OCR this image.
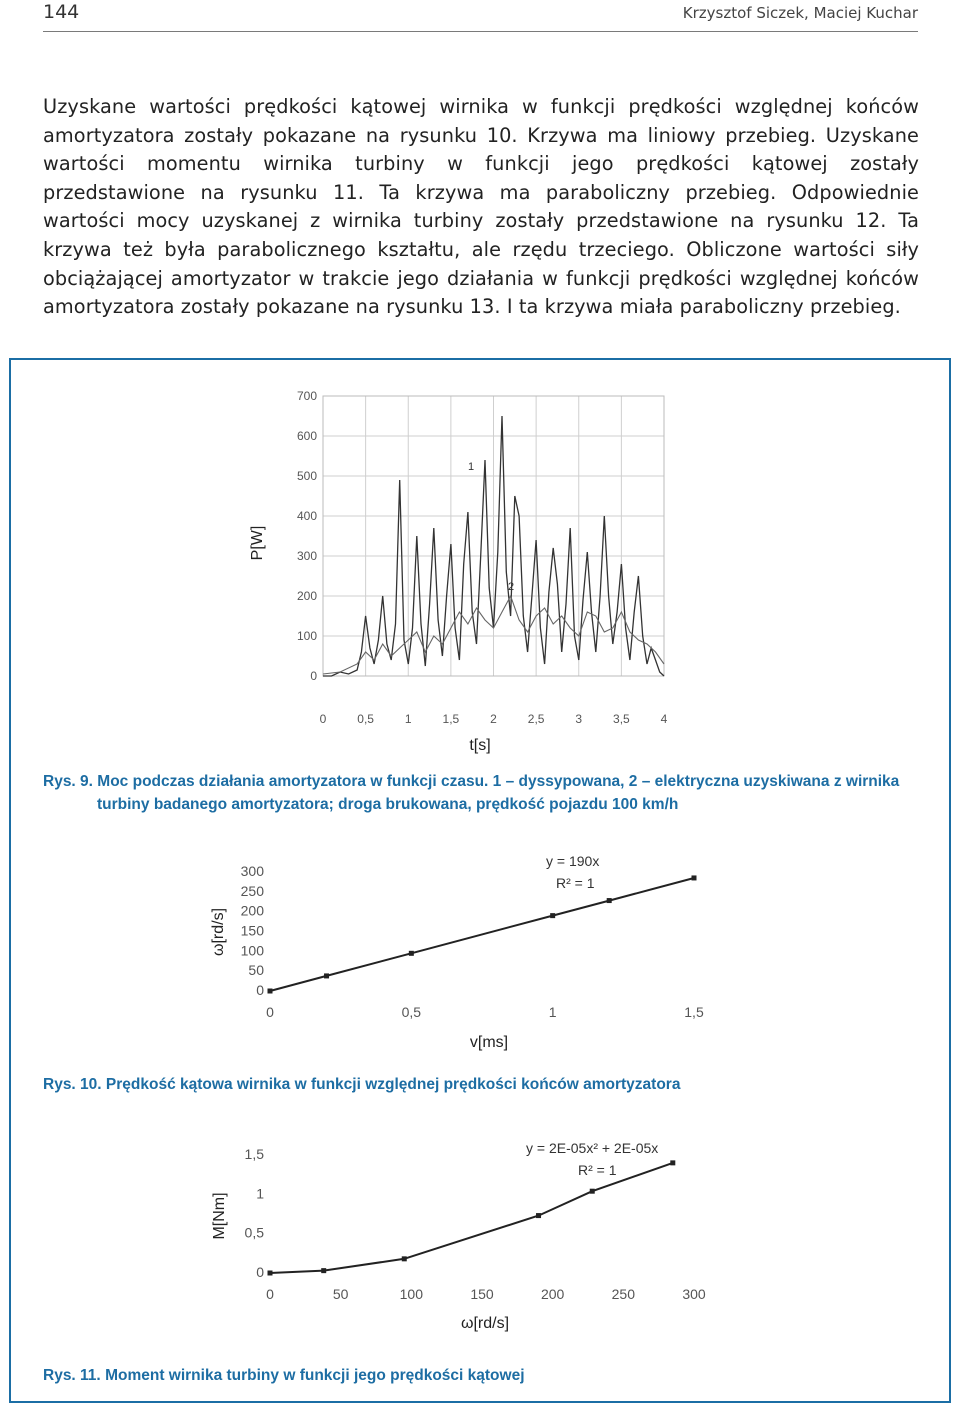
144	Krzysztof Siczek, Maciej Kuchar

Uzyskane wartości prędkości kątowej wirnika w funkcji prędkości względnej końców amortyzatora zostały pokazane na rysunku 10. Krzywa ma liniowy przebieg. Uzyskane wartości momentu wirnika turbiny w funkcji jego prędkości kątowej zostały przedstawione na rysunku 11. Ta krzywa ma paraboliczny przebieg. Odpowiednie wartości mocy uzyskanej z wirnika turbiny zostały przedstawione na rysunku 12. Ta krzywa też była parabolicznego kształtu, ale rzędu trzeciego. Obliczone wartości siły obciążającej amortyzator w trakcie jego działania w funkcji prędkości względnej końców amortyzatora zostały pokazane na rysunku 13. I ta krzywa miała paraboliczny przebieg.

0
100
200
300
400
500
600
700
0	0,5	1	1,5	2	2,5	3	3,5	4
t[s]
P[W]
1
2
Rys. 9. Moc podczas działania amortyzatora w funkcji czasu. 1 – dyssypowana, 2 – elektryczna uzyskiwana z wirnika turbiny badanego amortyzatora; droga brukowana, prędkość pojazdu 100 km/h
0
50
100
150
200
250
300
0	0,5	1	1,5
y = 190x
R² = 1
v[ms]
ω[rd/s]
Rys. 10. Prędkość kątowa wirnika w funkcji względnej prędkości końców amortyzatora
0
0,5
1
1,5
0	50	100	150	200	250	300
y = 2E-05x² + 2E-05x
R² = 1
ω[rd/s]
M[Nm]
Rys. 11. Moment wirnika turbiny w funkcji jego prędkości kątowej
